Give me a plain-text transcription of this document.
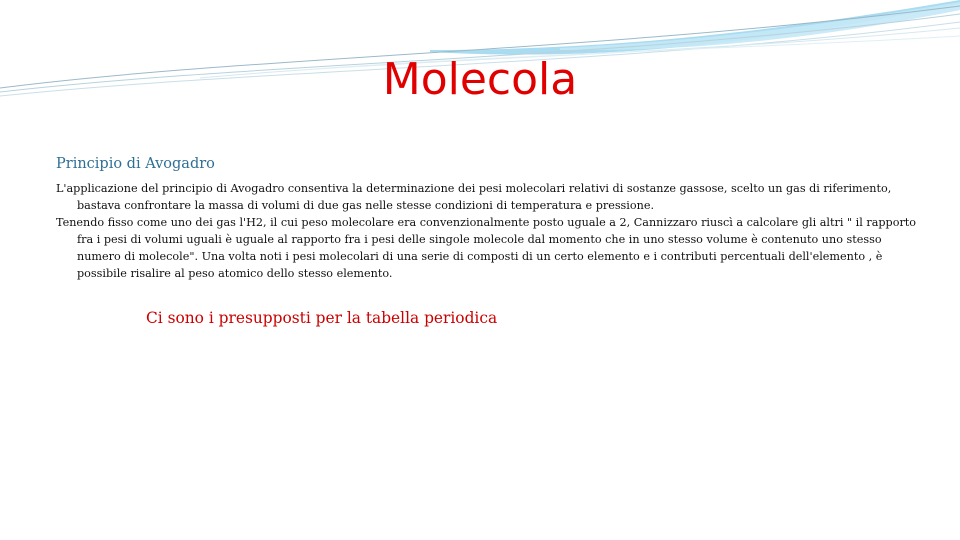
Molecola
Principio di Avogadro

L'applicazione del principio di Avogadro consentiva la determinazione dei pesi molecolari relativi di sostanze gassose, scelto un gas di riferimento, bastava confrontare la massa di volumi di due gas nelle stesse condizioni di temperatura e pressione.

Tenendo fisso come uno dei gas l'H2, il cui peso molecolare era convenzionalmente posto uguale a 2, Cannizzaro riuscì a calcolare gli altri " il rapporto fra i pesi di volumi uguali è uguale al rapporto fra i pesi delle singole molecole dal momento che in uno stesso volume è contenuto uno stesso numero di molecole". Una volta noti i pesi molecolari di una serie di composti di un certo elemento e i contributi percentuali dell'elemento , è possibile risalire al peso atomico dello stesso elemento.

Ci sono i presupposti per la tabella periodica
